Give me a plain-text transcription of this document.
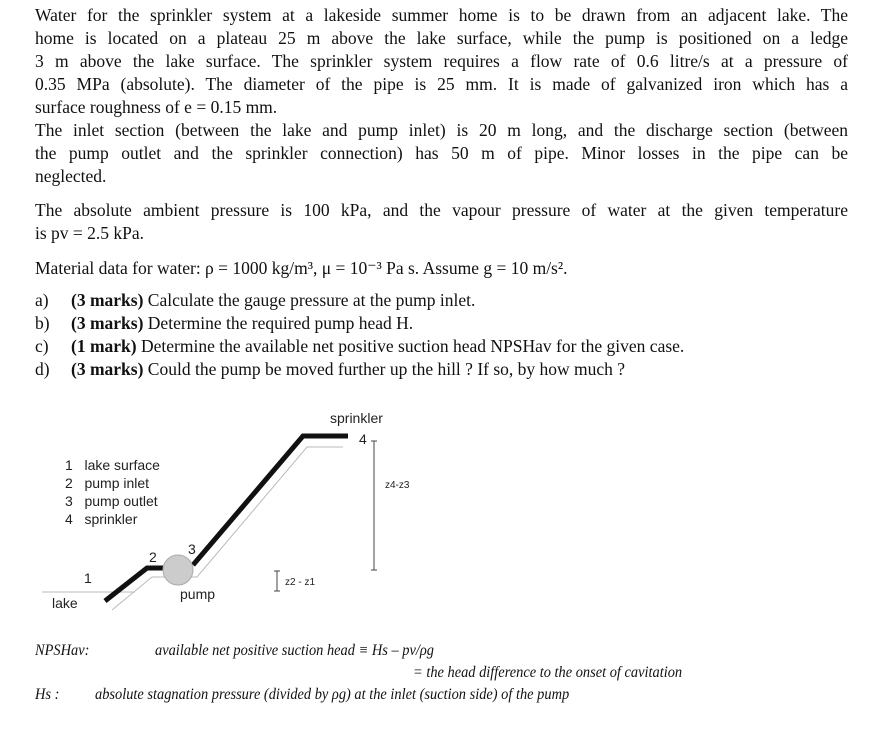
Water for the sprinkler system at a lakeside summer home is to be drawn from an adjacent lake. The
home is located on a plateau 25 m above the lake surface, while the pump is positioned on a ledge
3 m above the lake surface. The sprinkler system requires a flow rate of 0.6 litre/s at a pressure of
0.35 MPa (absolute). The diameter of the pipe is 25 mm. It is made of galvanized iron which has a
surface roughness of e = 0.15 mm.
The inlet section (between the lake and pump inlet) is 20 m long, and the discharge section (between
the pump outlet and the sprinkler connection) has 50 m of pipe. Minor losses in the pipe can be
neglected.
The absolute ambient pressure is 100 kPa, and the vapour pressure of water at the given temperature
is pv = 2.5 kPa.
Material data for water: ρ = 1000 kg/m³, μ = 10⁻³ Pa s. Assume g = 10 m/s².
a) (3 marks) Calculate the gauge pressure at the pump inlet.
b) (3 marks) Determine the required pump head H.
c) (1 mark) Determine the available net positive suction head NPSHav for the given case.
d) (3 marks) Could the pump be moved further up the hill ? If so, by how much ?
1   lake surface
2   pump inlet
3   pump outlet
4   sprinkler
1
lake
2 3
pump
sprinkler
4
z4-z3
z2 - z1
NPSHav:	available net positive suction head ≡ Hs – pv/ρg
= the head difference to the onset of cavitation
Hs : absolute stagnation pressure (divided by ρg) at the inlet (suction side) of the pump
